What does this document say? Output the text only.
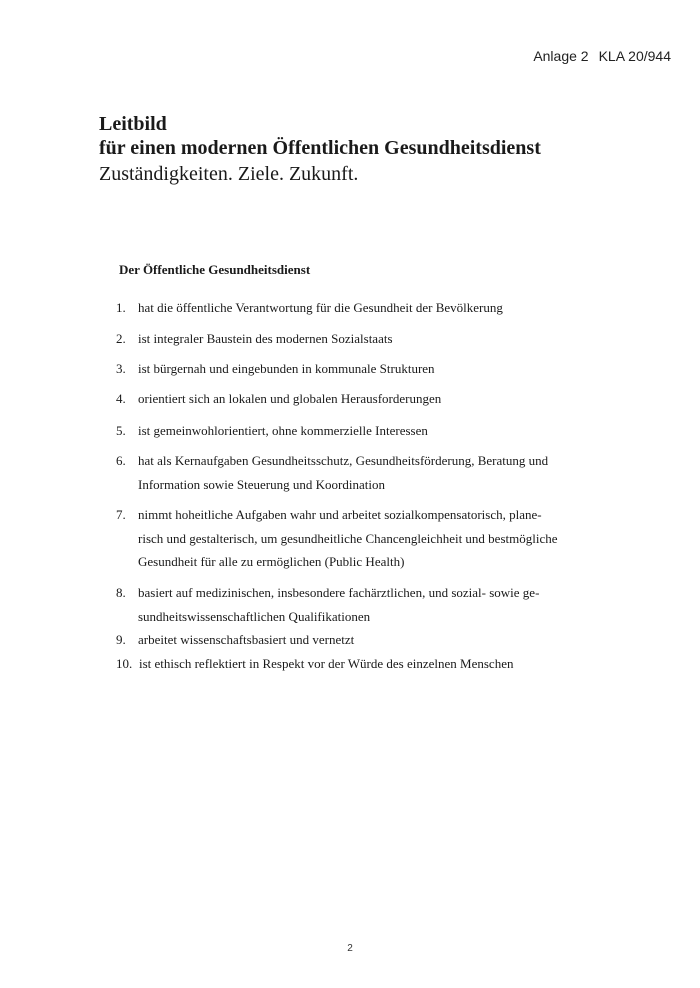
Anlage 2 KLA 20/944

Leitbild

für einen modernen Öffentlichen Gesundheitsdienst

Zuständigkeiten. Ziele. Zukunft.

Der Öffentliche Gesundheitsdienst

1. hat die öffentliche Verantwortung für die Gesundheit der Bevölkerung
2. ist integraler Baustein des modernen Sozialstaats
3. ist bürgernah und eingebunden in kommunale Strukturen
4. orientiert sich an lokalen und globalen Herausforderungen
5. ist gemeinwohlorientiert, ohne kommerzielle Interessen
6. hat als Kernaufgaben Gesundheitsschutz, Gesundheitsförderung, Beratung und
Information sowie Steuerung und Koordination
7. nimmt hoheitliche Aufgaben wahr und arbeitet sozialkompensatorisch, plane-
risch und gestalterisch, um gesundheitliche Chancengleichheit und bestmögliche
Gesundheit für alle zu ermöglichen (Public Health)
8. basiert auf medizinischen, insbesondere fachärztlichen, und sozial- sowie ge-
sundheitswissenschaftlichen Qualifikationen
9. arbeitet wissenschaftsbasiert und vernetzt
10. ist ethisch reflektiert in Respekt vor der Würde des einzelnen Menschen
2
